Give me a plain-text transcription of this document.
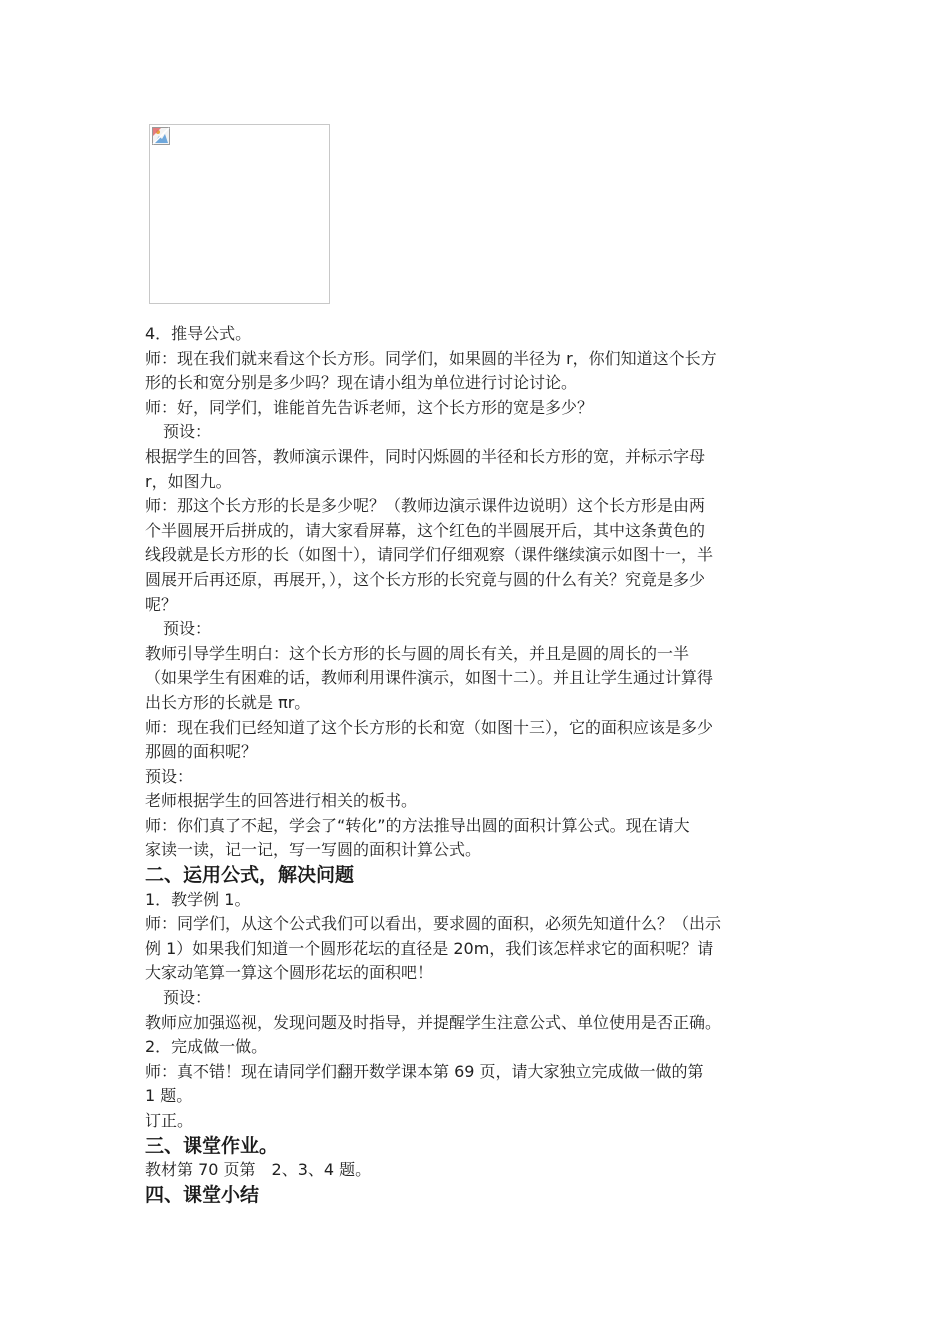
4．推导公式。
师：现在我们就来看这个长方形。同学们，如果圆的半径为 r，你们知道这个长方
形的长和宽分别是多少吗？现在请小组为单位进行讨论讨论。
师：好，同学们，谁能首先告诉老师，这个长方形的宽是多少？
预设：
根据学生的回答，教师演示课件，同时闪烁圆的半径和长方形的宽，并标示字母
r，如图九。
师：那这个长方形的长是多少呢？（教师边演示课件边说明）这个长方形是由两
个半圆展开后拼成的，请大家看屏幕，这个红色的半圆展开后，其中这条黄色的
线段就是长方形的长（如图十），请同学们仔细观察（课件继续演示如图十一，半
圆展开后再还原，再展开，），这个长方形的长究竟与圆的什么有关？究竟是多少
呢？
预设：
教师引导学生明白：这个长方形的长与圆的周长有关，并且是圆的周长的一半
（如果学生有困难的话，教师利用课件演示，如图十二）。并且让学生通过计算得
出长方形的长就是 πr。
师：现在我们已经知道了这个长方形的长和宽（如图十三），它的面积应该是多少
那圆的面积呢？
预设：
老师根据学生的回答进行相关的板书。
师：你们真了不起，学会了“转化”的方法推导出圆的面积计算公式。现在请大
家读一读，记一记，写一写圆的面积计算公式。
二、运用公式，解决问题
1．教学例 1。
师：同学们，从这个公式我们可以看出，要求圆的面积，必须先知道什么？（出示
例 1）如果我们知道一个圆形花坛的直径是 20m，我们该怎样求它的面积呢？请
大家动笔算一算这个圆形花坛的面积吧！
预设：
教师应加强巡视，发现问题及时指导，并提醒学生注意公式、单位使用是否正确。
2．完成做一做。
师：真不错！现在请同学们翻开数学课本第 69 页，请大家独立完成做一做的第
1 题。
订正。
三、课堂作业。
教材第 70 页第　2、3、4 题。
四、课堂小结
